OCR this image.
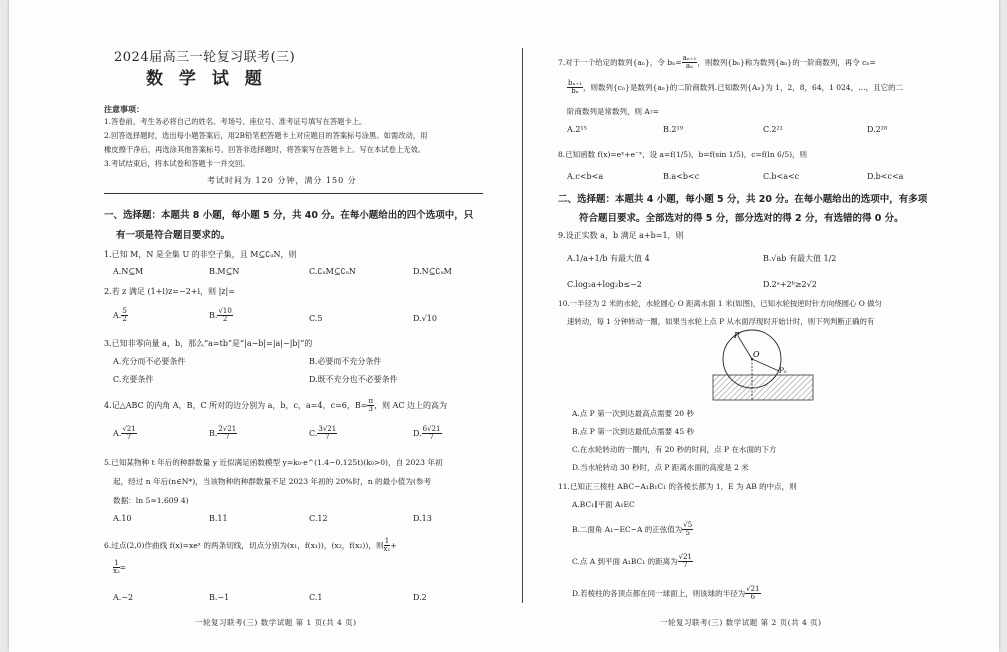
2024届高三一轮复习联考(三)
数 学 试 题
注意事项：
1.答卷前，考生务必将自己的姓名、考场号、座位号、准考证号填写在答题卡上。
2.回答选择题时，选出每小题答案后，用2B铅笔把答题卡上对应题目的答案标号涂黑。如需改动，用
橡皮擦干净后，再选涂其他答案标号。回答非选择题时，将答案写在答题卡上。写在本试卷上无效。
3.考试结束后，将本试卷和答题卡一并交回。
考试时间为 120 分钟，满分 150 分
一、选择题：本题共 8 小题，每小题 5 分，共 40 分。在每小题给出的四个选项中，只
有一项是符合题目要求的。
1.已知 M，N 是全集 U 的非空子集，且 M⊆∁ᵤN，则
A.N⊆M	B.M⊆N	C.∁ᵤM⊆∁ᵤN	D.N⊆∁ᵤM
2.若 z 满足 (1+i)z=−2+i，则 |z|=
A. $\frac{5}{2}$	B. $\frac{√10}{2}$	C.5	D.√10
3.已知非零向量 a，b，那么“a=tb”是“|a−b|=|a|−|b|”的
A.充分而不必要条件	B.必要而不充分条件
C.充要条件	D.既不充分也不必要条件
4.记△ABC 的内角 A，B，C 所对的边分别为 a，b，c，a=4，c=6，$B= \frac{\pi}{3}$ ，则 AC 边上的高为
A. $\frac{√21}{7}$	B. $\frac{2√21}{7}$	C. $\frac{3√21}{7}$	D. $\frac{6√21}{7}$
5.已知某物种 t 年后的种群数量 y 近似满足函数模型 y=k₀·e^(1.4−0.125t)(k₀>0)，自 2023 年初
起，经过 n 年后(n∈N*)，当该物种的种群数量不足 2023 年初的 20%时，n 的最小值为(参考
数据：ln 5≈1.609 4)
A.10	B.11	C.12	D.13
6.过点(2,0)作曲线 f(x)=xeˣ 的两条切线，切点分别为(x₁，f(x₁))，(x₂，f(x₂))，则 $\frac{1}{\text{x₁}}$ +
$\frac{1}{\text{x₂}}$ =
A.−2	B.−1	C.1	D.2
一轮复习联考(三) 数学试题 第 1 页(共 4 页)
7.对于一个给定的数列{aₙ}，令 $b_n= \frac{\text{aₙ₊₁}}{\text{aₙ}}$ ，则数列{bₙ}称为数列{aₙ}的一阶商数列，再令 cₙ=
$\frac{\text{bₙ₊₁}}{\text{bₙ}}$ ，则数列{cₙ}是数列{aₙ}的二阶商数列.已知数列{Aₙ}为 1，2，8，64，1 024，…，且它的二
阶商数列是常数列，则 A₇=
A.2¹⁵	B.2¹⁹	C.2²¹	D.2²⁸
8.已知函数 f(x)=eˣ+e⁻ˣ，设 a=f(1/5)，b=f(sin 1/5)，c=f(ln 6/5)，则
A.c<b<a	B.a<b<c	C.b<a<c	D.b<c<a
二、选择题：本题共 4 小题，每小题 5 分，共 20 分。在每小题给出的选项中，有多项
符合题目要求。全部选对的得 5 分，部分选对的得 2 分，有选错的得 0 分。
9.设正实数 a，b 满足 a+b=1，则
A.1/a+1/b 有最大值 4	B.√ab 有最大值 1/2
C.log₂a+log₂b≤−2	D.2ᵃ+2ᵇ≥2√2
10.一半径为 2 米的水轮，水轮圆心 O 距离水面 1 米(如图)，已知水轮按逆时针方向绕圆心 O 做匀
速转动，每 1 分钟转动一圈，如果当水轮上点 P 从水面浮现时开始计时，则下列判断正确的有
P
O
P₀
A.点 P 第一次到达最高点需要 20 秒
B.点 P 第一次到达最低点需要 45 秒
C.在水轮转动的一圈内，有 20 秒的时间，点 P 在水面的下方
D.当水轮转动 30 秒时，点 P 距离水面的高度是 2 米
11.已知正三棱柱 ABC−A₁B₁C₁ 的各棱长都为 1，E 为 AB 的中点，则
A.BC₁∥平面 A₁EC
B.二面角 A₁−EC−A 的正弦值为 $\frac{√5}{5}$
C.点 A 到平面 A₁BC₁ 的距离为 $\frac{√21}{7}$
D.若棱柱的各顶点都在同一球面上，则该球的半径为 $\frac{√21}{6}$
一轮复习联考(三) 数学试题 第 2 页(共 4 页)
